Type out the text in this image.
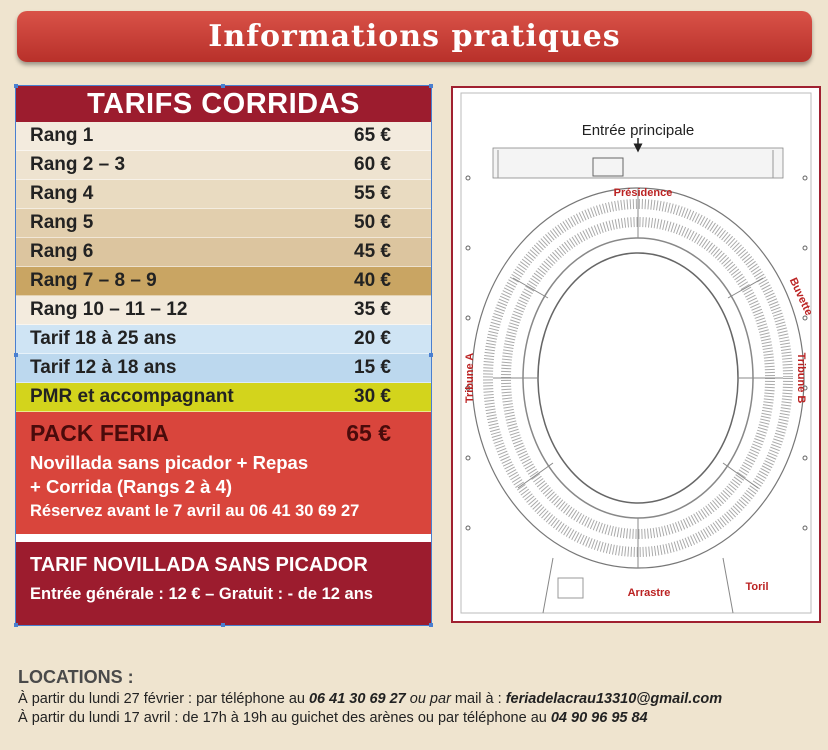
Informations pratiques
TARIFS CORRIDAS
Rang 1	65 €
Rang 2 – 3	60 €
Rang 4	55 €
Rang 5	50 €
Rang 6	45 €
Rang 7 – 8 – 9	40 €
Rang 10 – 11 – 12	35 €
Tarif 18 à 25 ans	20 €
Tarif 12 à 18 ans	15 €
PMR et accompagnant	30 €
PACK FERIA	65 €
Novillada sans picador + Repas
+ Corrida (Rangs 2 à 4)
Réservez avant le 7 avril au 06 41 30 69 27
TARIF NOVILLADA SANS PICADOR
Entrée générale : 12 € – Gratuit : - de 12 ans
Entrée principale
Présidence
Buvette
Tribune A	Tribune B
Arrastre	Toril
LOCATIONS :
À partir du lundi 27 février : par téléphone au 06 41 30 69 27 ou par mail à : feriadelacrau13310@gmail.com
À partir du lundi 17 avril : de 17h à 19h au guichet des arènes ou par téléphone au 04 90 96 95 84
